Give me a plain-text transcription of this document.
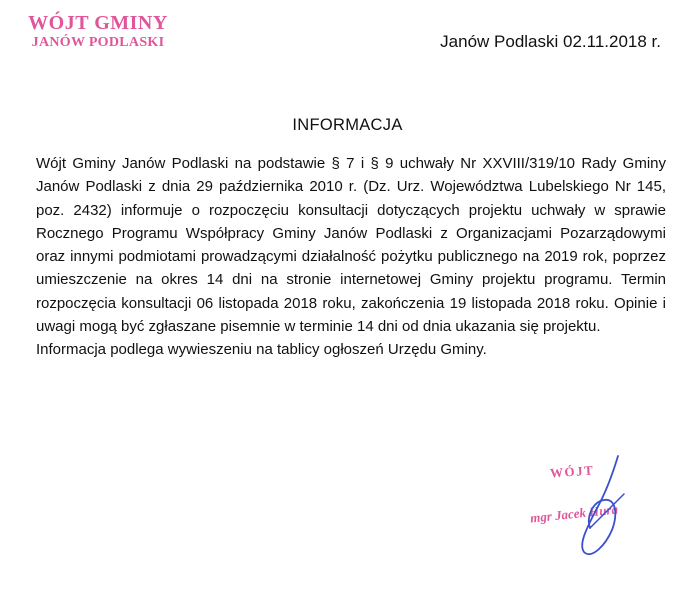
WÓJT GMINY
JANÓW PODLASKI	Janów Podlaski 02.11.2018 r.
INFORMACJA

Wójt Gminy Janów Podlaski na podstawie § 7 i § 9 uchwały Nr XXVIII/319/10 Rady Gminy Janów Podlaski z dnia 29 października 2010 r. (Dz. Urz. Województwa Lubelskiego Nr 145, poz. 2432) informuje o rozpoczęciu konsultacji dotyczących projektu uchwały w sprawie Rocznego Programu Współpracy Gminy Janów Podlaski z Organizacjami Pozarządowymi oraz innymi podmiotami prowadzącymi działalność pożytku publicznego na 2019 rok, poprzez umieszczenie na okres 14 dni na stronie internetowej Gminy projektu programu. Termin rozpoczęcia konsultacji 06 listopada 2018 roku, zakończenia 19 listopada 2018 roku. Opinie i uwagi mogą być zgłaszane pisemnie w terminie 14 dni od dnia ukazania się projektu.

Informacja podlega wywieszeniu na tablicy ogłoszeń Urzędu Gminy.

WÓJT
mgr Jacek Hura
